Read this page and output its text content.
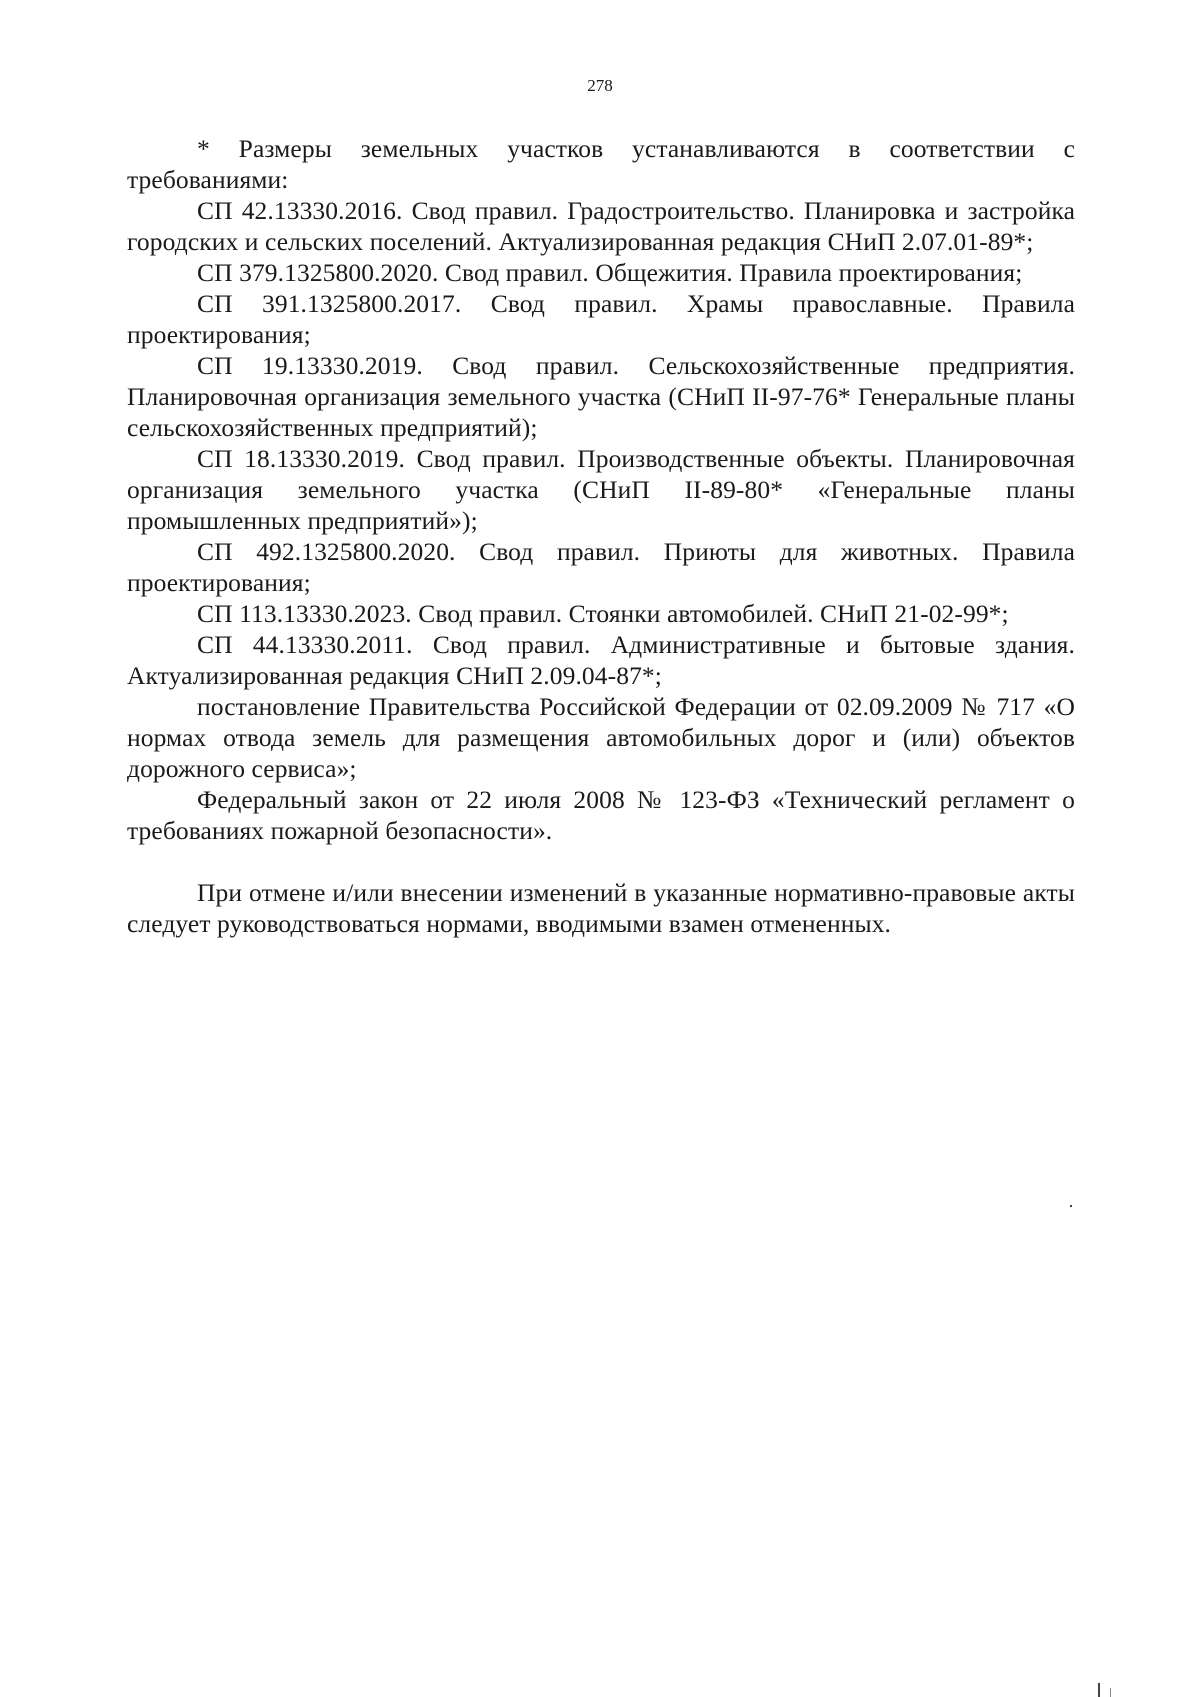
278

* Размеры земельных участков устанавливаются в соответствии с требованиями:

СП 42.13330.2016. Свод правил. Градостроительство. Планировка и застройка городских и сельских поселений. Актуализированная редакция СНиП 2.07.01-89*;

СП 379.1325800.2020. Свод правил. Общежития. Правила проектирования;

СП 391.1325800.2017. Свод правил. Храмы православные. Правила проектирования;

СП 19.13330.2019. Свод правил. Сельскохозяйственные предприятия. Планировочная организация земельного участка (СНиП II-97-76* Генеральные планы сельскохозяйственных предприятий);

СП 18.13330.2019. Свод правил. Производственные объекты. Планировочная организация земельного участка (СНиП II-89-80* «Генеральные планы промышленных предприятий»);

СП 492.1325800.2020. Свод правил. Приюты для животных. Правила проектирования;

СП 113.13330.2023. Свод правил. Стоянки автомобилей. СНиП 21-02-99*;

СП 44.13330.2011. Свод правил. Административные и бытовые здания. Актуализированная редакция СНиП 2.09.04-87*;

постановление Правительства Российской Федерации от 02.09.2009 № 717 «О нормах отвода земель для размещения автомобильных дорог и (или) объектов дорожного сервиса»;

Федеральный закон от 22 июля 2008 № 123-ФЗ «Технический регламент о требованиях пожарной безопасности».

При отмене и/или внесении изменений в указанные нормативно-правовые акты следует руководствоваться нормами, вводимыми взамен отмененных.
